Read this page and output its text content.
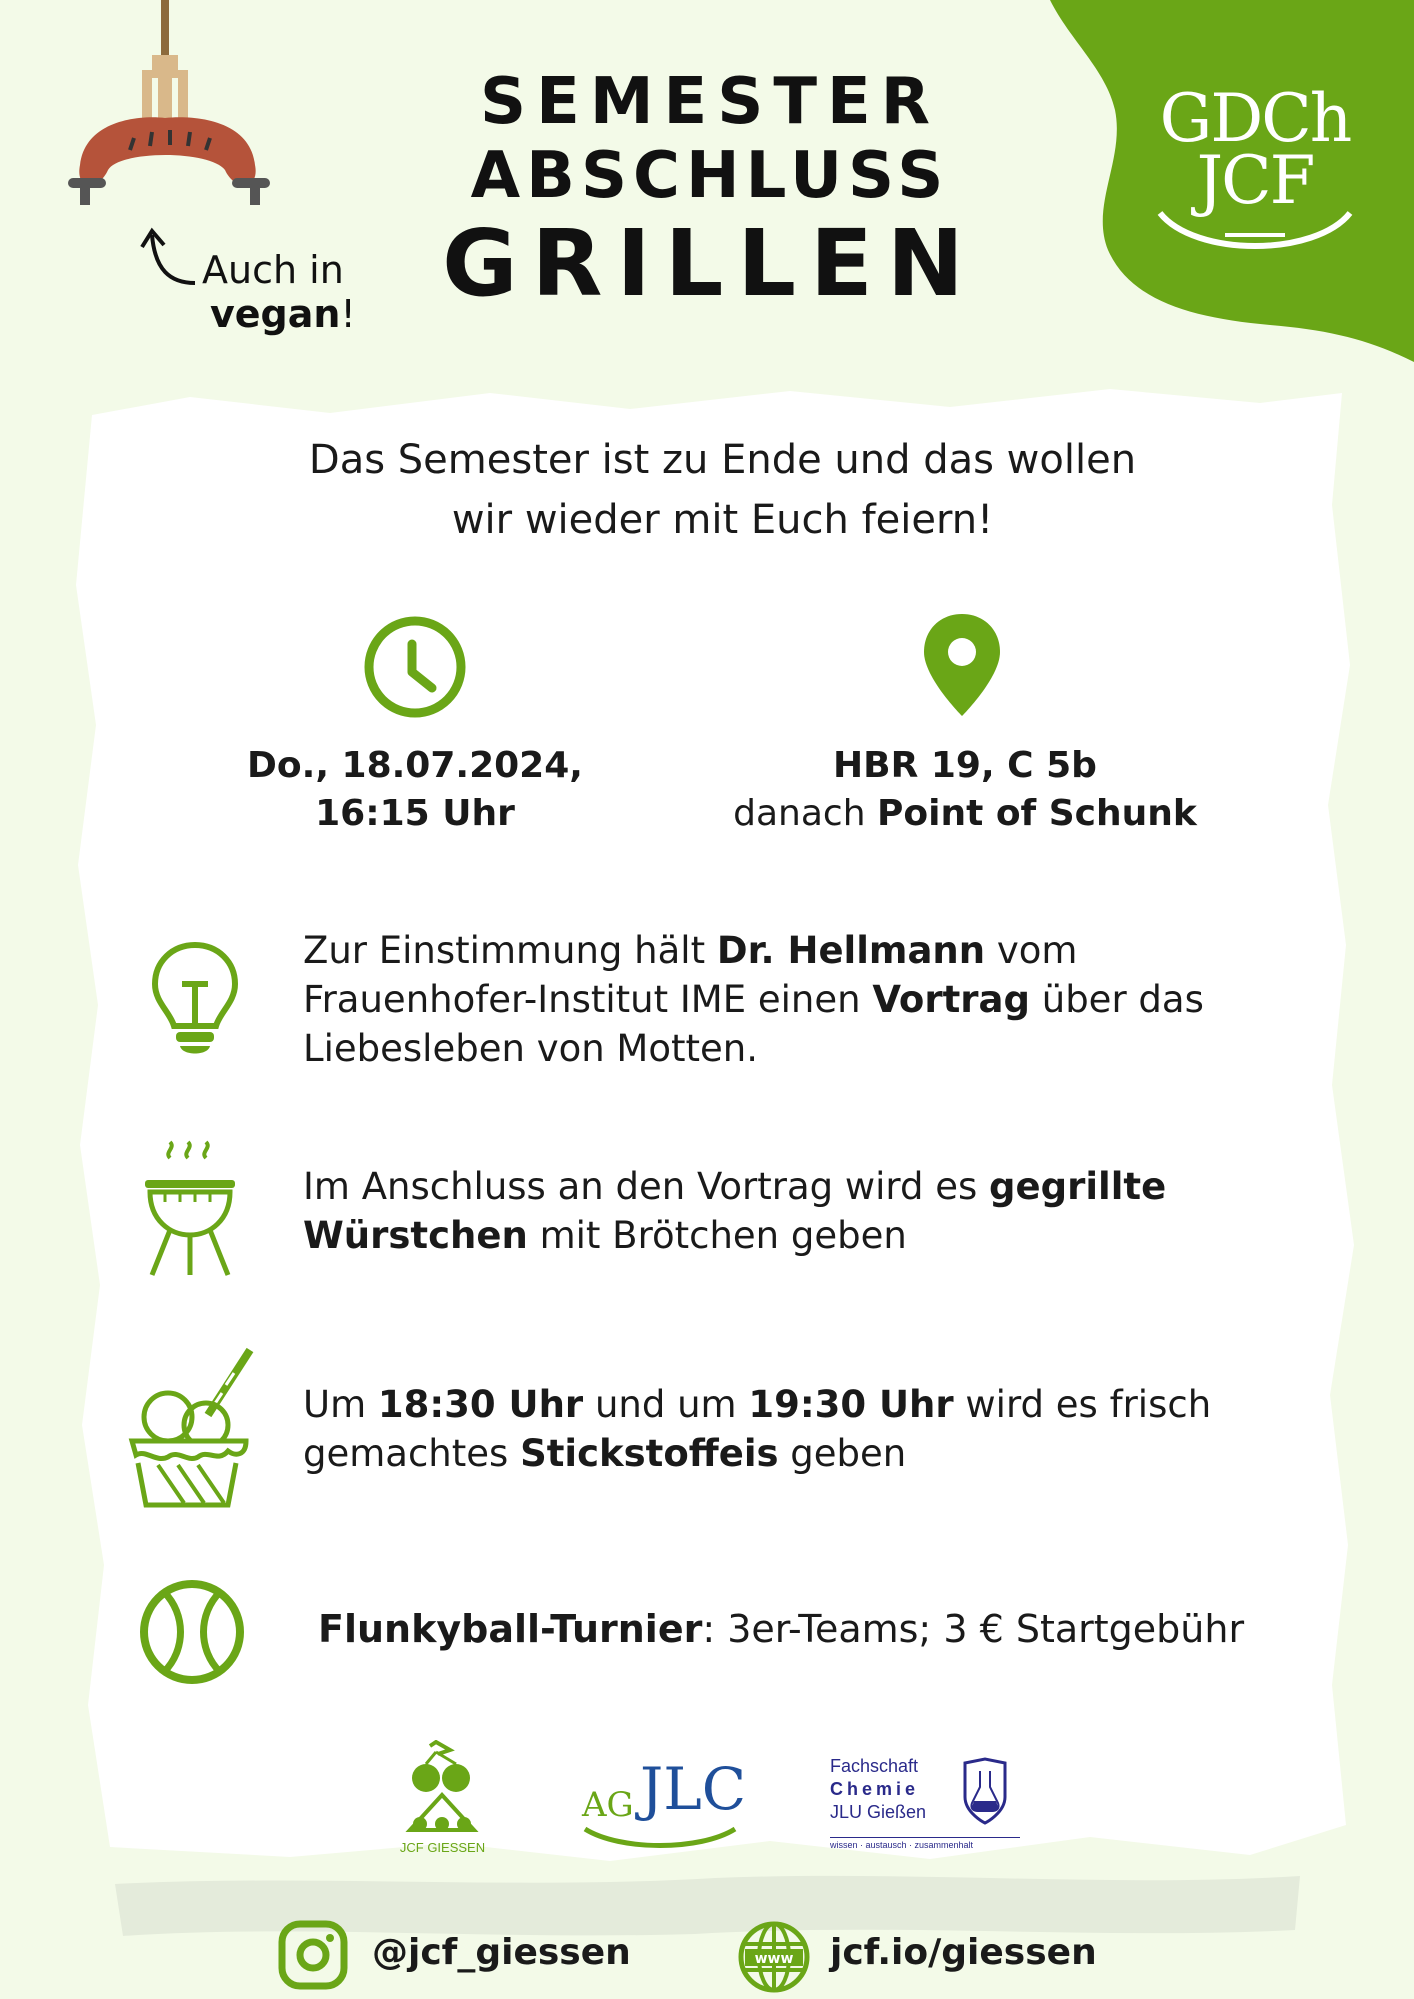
Auch in
vegan!
SEMESTER
ABSCHLUSS
GRILLEN
GDCh
JCF
Das Semester ist zu Ende und das wollen
wir wieder mit Euch feiern!
Do., 18.07.2024,
16:15 Uhr
HBR 19, C 5b
danach Point of Schunk
Zur Einstimmung hält Dr. Hellmann vom
Frauenhofer-Institut IME einen Vortrag über das
Liebesleben von Motten.
Im Anschluss an den Vortrag wird es gegrillte
Würstchen mit Brötchen geben
Um 18:30 Uhr und um 19:30 Uhr wird es frisch
gemachtes Stickstoffeis geben
Flunkyball-Turnier: 3er-Teams; 3 € Startgebühr
JCF GIESSEN
AG JLC	Fachschaft
Chemie
JLU Gießen
wissen · austausch · zusammenhalt
@jcf_giessen	www jcf.io/giessen
